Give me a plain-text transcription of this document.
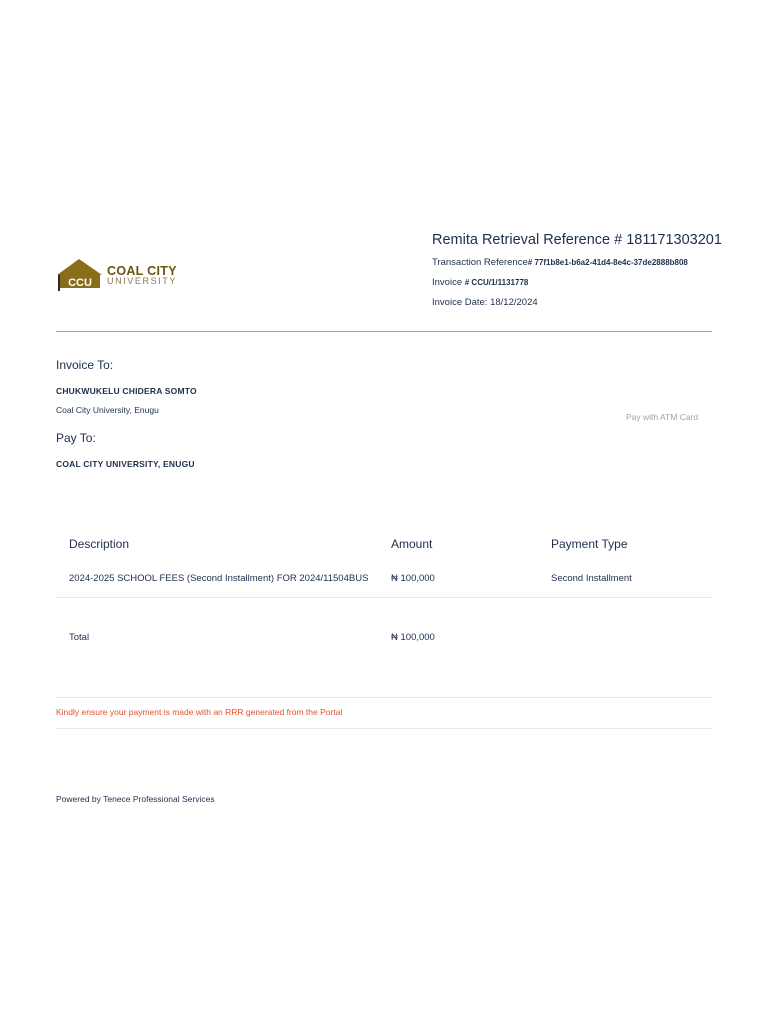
CCU
COAL CITY
UNIVERSITY
Remita Retrieval Reference # 181171303201
Transaction Reference# 77f1b8e1-b6a2-41d4-8e4c-37de2888b808
Invoice # CCU/1/1131778
Invoice Date: 18/12/2024
Invoice To:
CHUKWUKELU CHIDERA SOMTO
Coal City University, Enugu
Pay with ATM Card
Pay To:
COAL CITY UNIVERSITY, ENUGU
Description	Amount	Payment Type
2024-2025 SCHOOL FEES (Second Installment) FOR 2024/11504BUS ₦ 100,000	Second Installment
Total	₦ 100,000
Kindly ensure your payment is made with an RRR generated from the Portal
Powered by Tenece Professional Services
